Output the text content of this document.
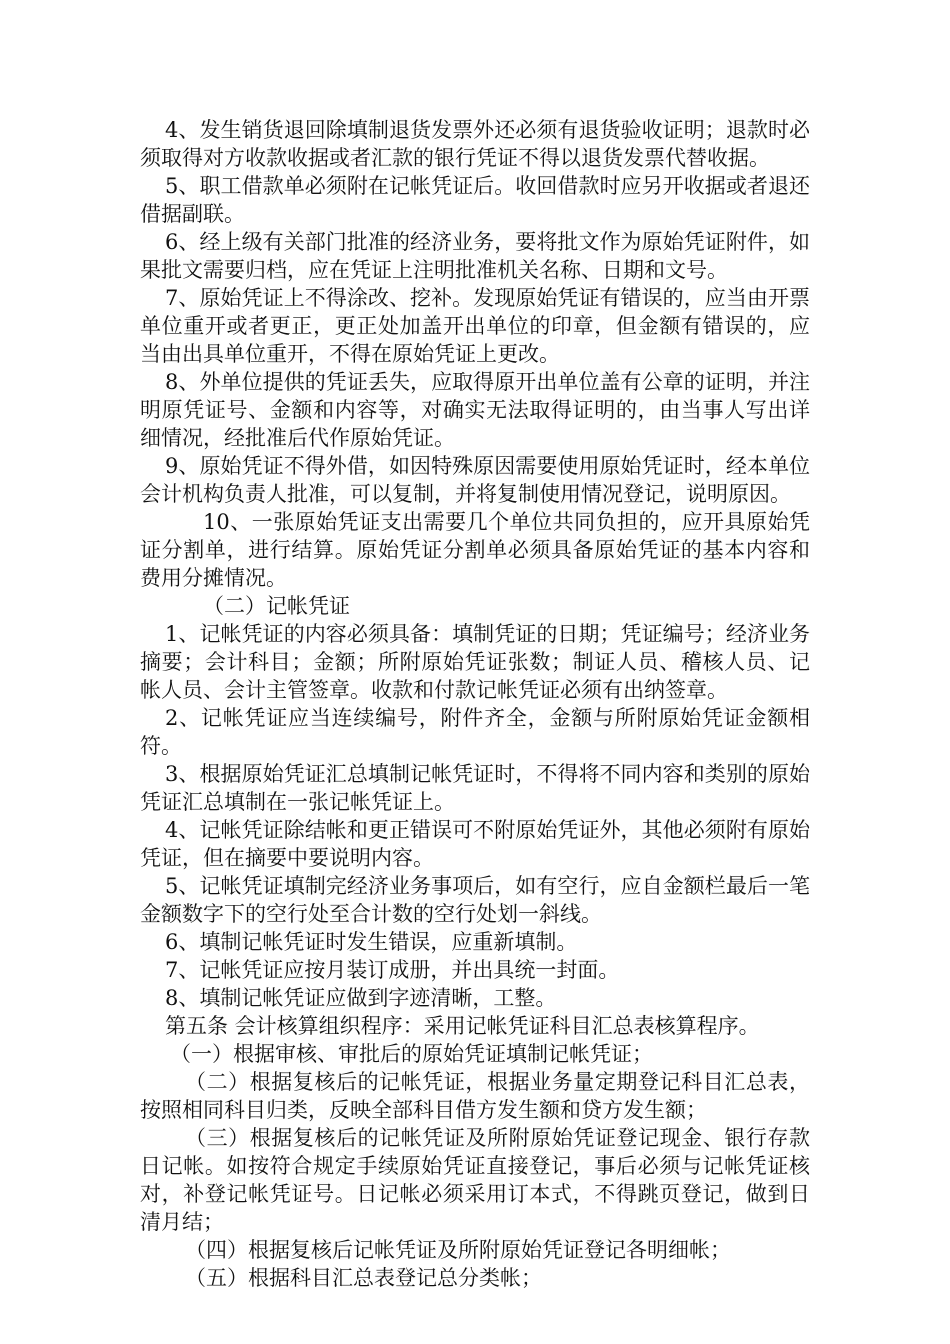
4、发生销货退回除填制退货发票外还必须有退货验收证明；退款时必须取得对方收款收据或者汇款的银行凭证不得以退货发票代替收据。

5、职工借款单必须附在记帐凭证后。收回借款时应另开收据或者退还借据副联。

6、经上级有关部门批准的经济业务，要将批文作为原始凭证附件，如果批文需要归档，应在凭证上注明批准机关名称、日期和文号。

7、原始凭证上不得涂改、挖补。发现原始凭证有错误的，应当由开票单位重开或者更正，更正处加盖开出单位的印章，但金额有错误的，应当由出具单位重开，不得在原始凭证上更改。

8、外单位提供的凭证丢失，应取得原开出单位盖有公章的证明，并注明原凭证号、金额和内容等，对确实无法取得证明的，由当事人写出详细情况，经批准后代作原始凭证。

9、原始凭证不得外借，如因特殊原因需要使用原始凭证时，经本单位会计机构负责人批准，可以复制，并将复制使用情况登记，说明原因。

10、一张原始凭证支出需要几个单位共同负担的，应开具原始凭证分割单，进行结算。原始凭证分割单必须具备原始凭证的基本内容和费用分摊情况。

（二）记帐凭证

1、记帐凭证的内容必须具备：填制凭证的日期；凭证编号；经济业务摘要；会计科目；金额；所附原始凭证张数；制证人员、稽核人员、记帐人员、会计主管签章。收款和付款记帐凭证必须有出纳签章。

2、记帐凭证应当连续编号，附件齐全，金额与所附原始凭证金额相符。

3、根据原始凭证汇总填制记帐凭证时，不得将不同内容和类别的原始凭证汇总填制在一张记帐凭证上。

4、记帐凭证除结帐和更正错误可不附原始凭证外，其他必须附有原始凭证，但在摘要中要说明内容。

5、记帐凭证填制完经济业务事项后，如有空行，应自金额栏最后一笔金额数字下的空行处至合计数的空行处划一斜线。

6、填制记帐凭证时发生错误，应重新填制。

7、记帐凭证应按月装订成册，并出具统一封面。

8、填制记帐凭证应做到字迹清晰，工整。

第五条 会计核算组织程序：采用记帐凭证科目汇总表核算程序。

（一）根据审核、审批后的原始凭证填制记帐凭证；

（二）根据复核后的记帐凭证，根据业务量定期登记科目汇总表，按照相同科目归类，反映全部科目借方发生额和贷方发生额；

（三）根据复核后的记帐凭证及所附原始凭证登记现金、银行存款日记帐。如按符合规定手续原始凭证直接登记，事后必须与记帐凭证核对，补登记帐凭证号。日记帐必须采用订本式，不得跳页登记，做到日清月结；

（四）根据复核后记帐凭证及所附原始凭证登记各明细帐；

（五）根据科目汇总表登记总分类帐；
